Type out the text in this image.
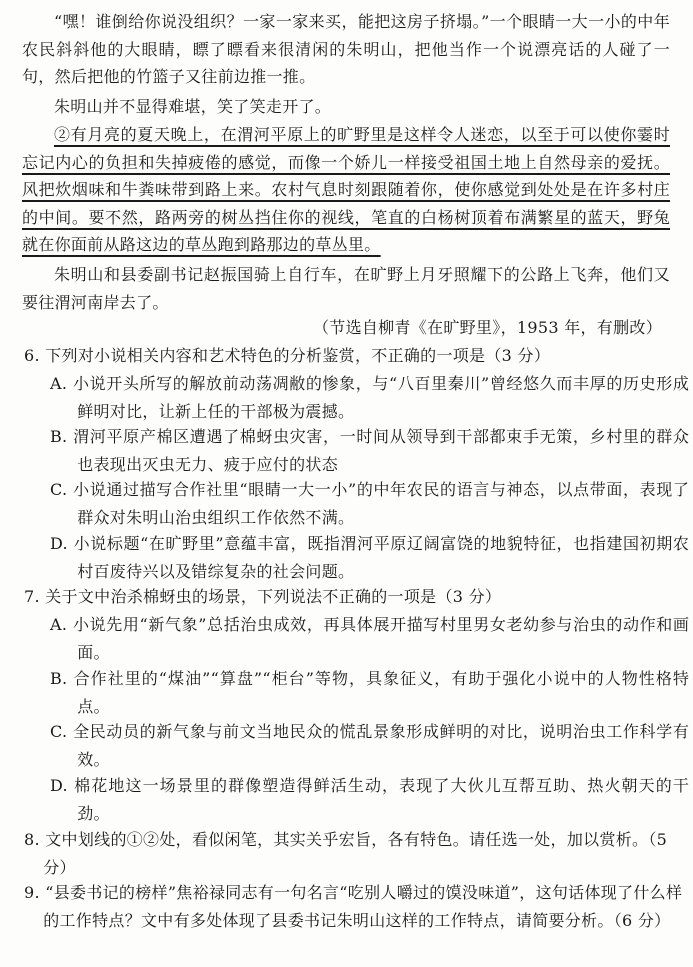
“嘿！谁倒给你说没组织？一家一家来买，能把这房子挤塌。”一个眼睛一大一小的中年农民斜斜他的大眼睛，瞟了瞟看来很清闲的朱明山，把他当作一个说漂亮话的人碰了一句，然后把他的竹篮子又往前边推一推。
朱明山并不显得难堪，笑了笑走开了。
②有月亮的夏天晚上，在渭河平原上的旷野里是这样令人迷恋，以至于可以使你霎时忘记内心的负担和失掉疲倦的感觉，而像一个娇儿一样接受祖国土地上自然母亲的爱抚。风把炊烟味和牛粪味带到路上来。农村气息时刻跟随着你，使你感觉到处处是在许多村庄的中间。要不然，路两旁的树丛挡住你的视线，笔直的白杨树顶着布满繁星的蓝天，野兔就在你面前从路这边的草丛跑到路那边的草丛里。
朱明山和县委副书记赵振国骑上自行车，在旷野上月牙照耀下的公路上飞奔，他们又要往渭河南岸去了。
（节选自柳青《在旷野里》，1953 年，有删改）
6. 下列对小说相关内容和艺术特色的分析鉴赏，不正确的一项是（3 分）
A. 小说开头所写的解放前动荡凋敝的惨象，与“八百里秦川”曾经悠久而丰厚的历史形成鲜明对比，让新上任的干部极为震撼。
B. 渭河平原产棉区遭遇了棉蚜虫灾害，一时间从领导到干部都束手无策，乡村里的群众也表现出灭虫无力、疲于应付的状态
C. 小说通过描写合作社里“眼睛一大一小”的中年农民的语言与神态，以点带面，表现了群众对朱明山治虫组织工作依然不满。
D. 小说标题“在旷野里”意蕴丰富，既指渭河平原辽阔富饶的地貌特征，也指建国初期农村百废待兴以及错综复杂的社会问题。
7. 关于文中治杀棉蚜虫的场景，下列说法不正确的一项是（3 分）
A. 小说先用“新气象”总括治虫成效，再具体展开描写村里男女老幼参与治虫的动作和画面。
B. 合作社里的“煤油”“算盘”“柜台”等物，具象征义，有助于强化小说中的人物性格特点。
C. 全民动员的新气象与前文当地民众的慌乱景象形成鲜明的对比，说明治虫工作科学有效。
D. 棉花地这一场景里的群像塑造得鲜活生动，表现了大伙儿互帮互助、热火朝天的干劲。
8. 文中划线的①②处，看似闲笔，其实关乎宏旨，各有特色。请任选一处，加以赏析。（5 分）
9. “县委书记的榜样”焦裕禄同志有一句名言“吃别人嚼过的馍没味道”，这句话体现了什么样的工作特点？文中有多处体现了县委书记朱明山这样的工作特点，请简要分析。（6 分）
